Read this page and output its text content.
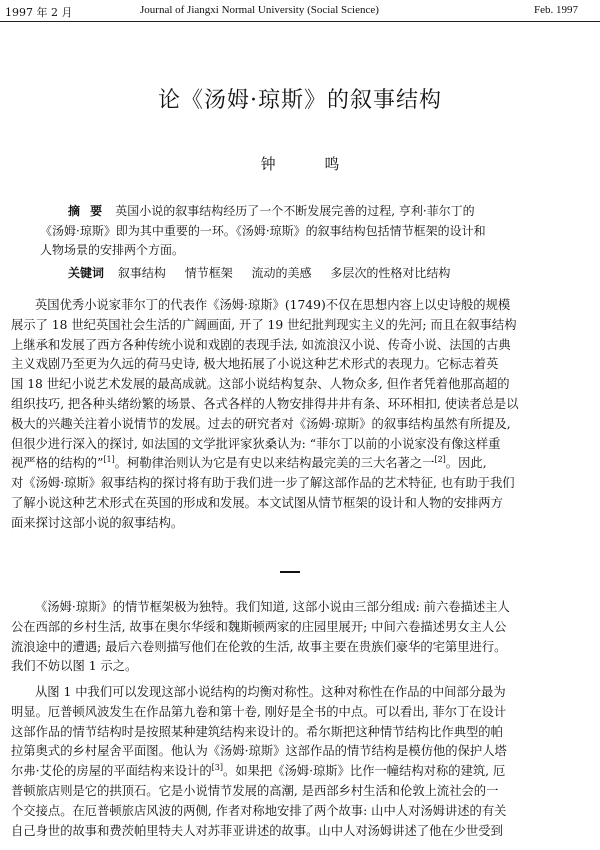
1997 年 2 月	Journal of Jiangxi Normal University (Social Science)	Feb. 1997
论《汤姆·琼斯》的叙事结构
钟 鸣
摘 要 英国小说的叙事结构经历了一个不断发展完善的过程, 亨利·菲尔丁的
《汤姆·琼斯》即为其中重要的一环。《汤姆·琼斯》的叙事结构包括情节框架的设计和
人物场景的安排两个方面。
关键词 叙事结构 情节框架 流动的美感 多层次的性格对比结构
英国优秀小说家菲尔丁的代表作《汤姆·琼斯》(1749)不仅在思想内容上以史诗般的规模
展示了 18 世纪英国社会生活的广阔画面, 开了 19 世纪批判现实主义的先河; 而且在叙事结构
上继承和发展了西方各种传统小说和戏剧的表现手法, 如流浪汉小说、传奇小说、法国的古典
主义戏剧乃至更为久远的荷马史诗, 极大地拓展了小说这种艺术形式的表现力。它标志着英
国 18 世纪小说艺术发展的最高成就。这部小说结构复杂、人物众多, 但作者凭着他那高超的
组织技巧, 把各种头绪纷繁的场景、各式各样的人物安排得井井有条、环环相扣, 使读者总是以
极大的兴趣关注着小说情节的发展。过去的研究者对《汤姆·琼斯》的叙事结构虽然有所提及,
但很少进行深入的探讨, 如法国的文学批评家狄桑认为: “菲尔丁以前的小说家没有像这样重
视严格的结构的”[1]。柯勒律治则认为它是有史以来结构最完美的三大名著之一[2]。因此,
对《汤姆·琼斯》叙事结构的探讨将有助于我们进一步了解这部作品的艺术特征, 也有助于我们
了解小说这种艺术形式在英国的形成和发展。本文试图从情节框架的设计和人物的安排两方
面来探讨这部小说的叙事结构。
《汤姆·琼斯》的情节框架极为独特。我们知道, 这部小说由三部分组成: 前六卷描述主人
公在西部的乡村生活, 故事在奥尔华绥和魏斯顿两家的庄园里展开; 中间六卷描述男女主人公
流浪途中的遭遇; 最后六卷则描写他们在伦敦的生活, 故事主要在贵族们豪华的宅第里进行。
我们不妨以图 1 示之。
从图 1 中我们可以发现这部小说结构的均衡对称性。这种对称性在作品的中间部分最为
明显。厄普顿风波发生在作品第九卷和第十卷, 刚好是全书的中点。可以看出, 菲尔丁在设计
这部作品的情节结构时是按照某种建筑结构来设计的。希尔斯把这种情节结构比作典型的帕
拉第奥式的乡村屋舍平面图。他认为《汤姆·琼斯》这部作品的情节结构是模仿他的保护人塔
尔弗·艾伦的房屋的平面结构来设计的[3]。如果把《汤姆·琼斯》比作一幢结构对称的建筑, 厄
普顿旅店则是它的拱顶石。它是小说情节发展的高潮, 是西部乡村生活和伦敦上流社会的一
个交接点。在厄普顿旅店风波的两侧, 作者对称地安排了两个故事: 山中人对汤姆讲述的有关
自己身世的故事和费茨帕里特夫人对苏菲亚讲述的故事。山中人对汤姆讲述了他在少世受到
